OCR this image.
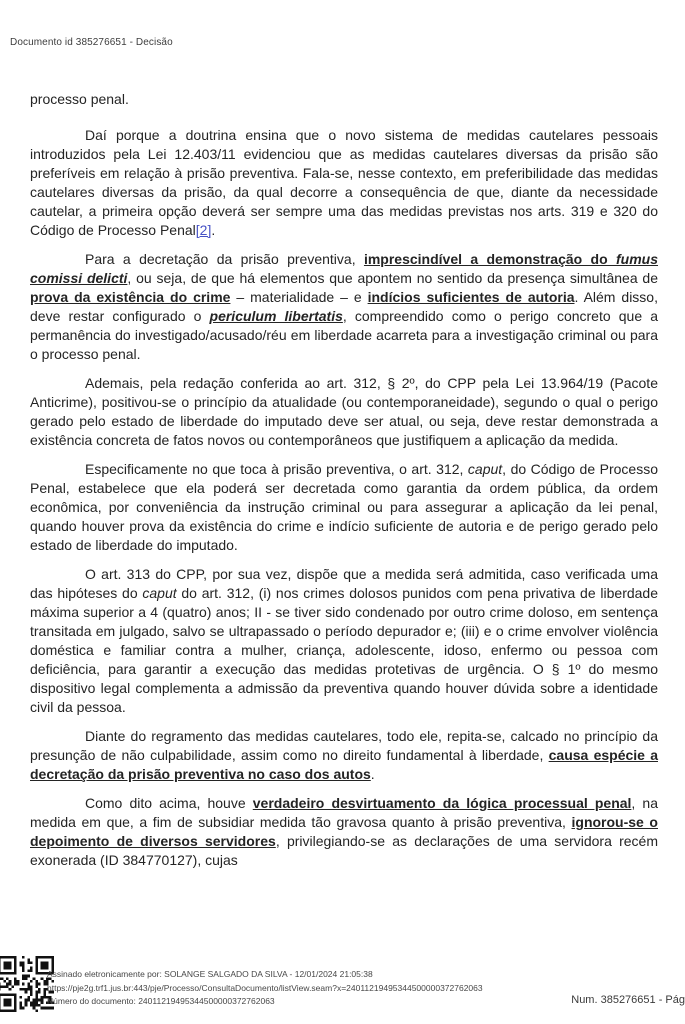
Documento id 385276651 - Decisão

processo penal.

Daí porque a doutrina ensina que o novo sistema de medidas cautelares pessoais introduzidos pela Lei 12.403/11 evidenciou que as medidas cautelares diversas da prisão são preferíveis em relação à prisão preventiva. Fala-se, nesse contexto, em preferibilidade das medidas cautelares diversas da prisão, da qual decorre a consequência de que, diante da necessidade cautelar, a primeira opção deverá ser sempre uma das medidas previstas nos arts. 319 e 320 do Código de Processo Penal[2].

Para a decretação da prisão preventiva, imprescindível a demonstração do fumus comissi delicti, ou seja, de que há elementos que apontem no sentido da presença simultânea de prova da existência do crime – materialidade – e indícios suficientes de autoria. Além disso, deve restar configurado o periculum libertatis, compreendido como o perigo concreto que a permanência do investigado/acusado/réu em liberdade acarreta para a investigação criminal ou para o processo penal.

Ademais, pela redação conferida ao art. 312, § 2º, do CPP pela Lei 13.964/19 (Pacote Anticrime), positivou-se o princípio da atualidade (ou contemporaneidade), segundo o qual o perigo gerado pelo estado de liberdade do imputado deve ser atual, ou seja, deve restar demonstrada a existência concreta de fatos novos ou contemporâneos que justifiquem a aplicação da medida.

Especificamente no que toca à prisão preventiva, o art. 312, caput, do Código de Processo Penal, estabelece que ela poderá ser decretada como garantia da ordem pública, da ordem econômica, por conveniência da instrução criminal ou para assegurar a aplicação da lei penal, quando houver prova da existência do crime e indício suficiente de autoria e de perigo gerado pelo estado de liberdade do imputado.

O art. 313 do CPP, por sua vez, dispõe que a medida será admitida, caso verificada uma das hipóteses do caput do art. 312, (i) nos crimes dolosos punidos com pena privativa de liberdade máxima superior a 4 (quatro) anos; II - se tiver sido condenado por outro crime doloso, em sentença transitada em julgado, salvo se ultrapassado o período depurador e; (iii) e o crime envolver violência doméstica e familiar contra a mulher, criança, adolescente, idoso, enfermo ou pessoa com deficiência, para garantir a execução das medidas protetivas de urgência. O § 1º do mesmo dispositivo legal complementa a admissão da preventiva quando houver dúvida sobre a identidade civil da pessoa.

Diante do regramento das medidas cautelares, todo ele, repita-se, calcado no princípio da presunção de não culpabilidade, assim como no direito fundamental à liberdade, causa espécie a decretação da prisão preventiva no caso dos autos.

Como dito acima, houve verdadeiro desvirtuamento da lógica processual penal, na medida em que, a fim de subsidiar medida tão gravosa quanto à prisão preventiva, ignorou-se o depoimento de diversos servidores, privilegiando-se as declarações de uma servidora recém exonerada (ID 384770127), cujas

Assinado eletronicamente por: SOLANGE SALGADO DA SILVA - 12/01/2024 21:05:38
https://pje2g.trf1.jus.br:443/pje/Processo/ConsultaDocumento/listView.seam?x=24011219495344500000372762063
Número do documento: 24011219495344500000372762063	Num. 385276651 - Pág
